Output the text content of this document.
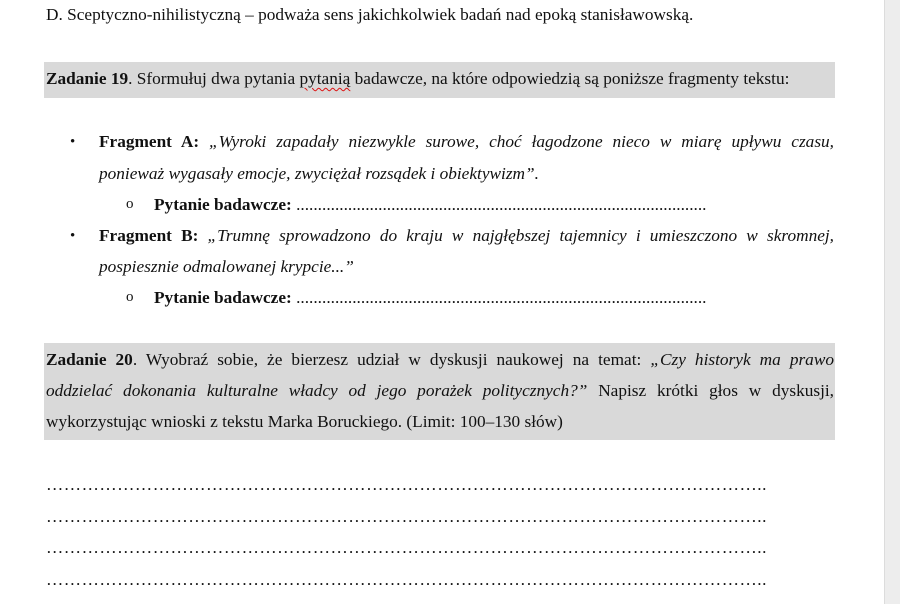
D. Sceptyczno-nihilistyczną – podważa sens jakichkolwiek badań nad epoką stanisławowską.
Zadanie 19. Sformułuj dwa pytania pytanią badawcze, na które odpowiedzią są poniższe fragmenty tekstu:
• Fragment A: „Wyroki zapadały niezwykle surowe, choć łagodzone nieco w miarę upływu czasu,
ponieważ wygasały emocje, zwyciężał rozsądek i obiektywizm”.
o Pytanie badawcze: ...............................................................................................
• Fragment B: „Trumnę sprowadzono do kraju w najgłębszej tajemnicy i umieszczono w skromnej,
pospiesznie odmalowanej krypcie...”
o Pytanie badawcze: ...............................................................................................
Zadanie 20. Wyobraź sobie, że bierzesz udział w dyskusji naukowej na temat: „Czy historyk ma prawo
oddzielać dokonania kulturalne władcy od jego porażek politycznych?” Napisz krótki głos w dyskusji,
wykorzystując wnioski z tekstu Marka Boruckiego. (Limit: 100–130 słów)
…………………………………………………………………………………………………………..
…………………………………………………………………………………………………………..
…………………………………………………………………………………………………………..
…………………………………………………………………………………………………………..
